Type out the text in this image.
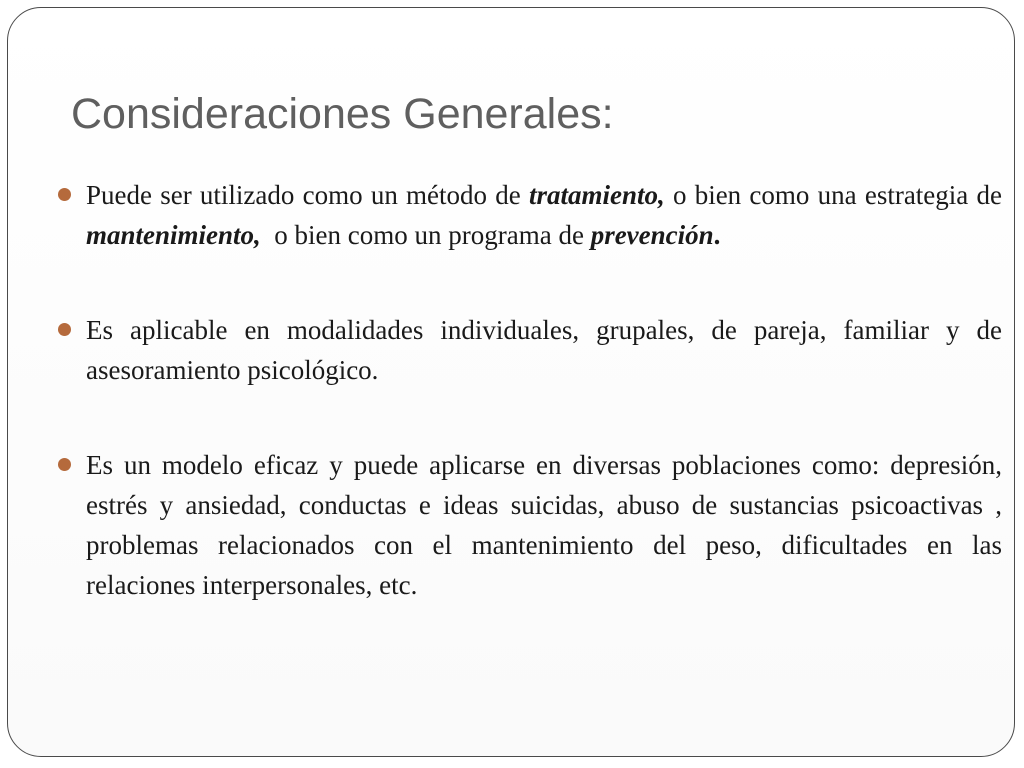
Consideraciones Generales:
Puede ser utilizado como un método de tratamiento, o bien como una estrategia de mantenimiento,  o bien como un programa de prevención.
Es aplicable en modalidades individuales, grupales, de pareja, familiar y de asesoramiento psicológico.
Es un modelo eficaz y puede aplicarse en diversas poblaciones como: depresión, estrés y ansiedad, conductas e ideas suicidas, abuso de sustancias psicoactivas , problemas relacionados con el mantenimiento del peso, dificultades en las relaciones interpersonales, etc.
